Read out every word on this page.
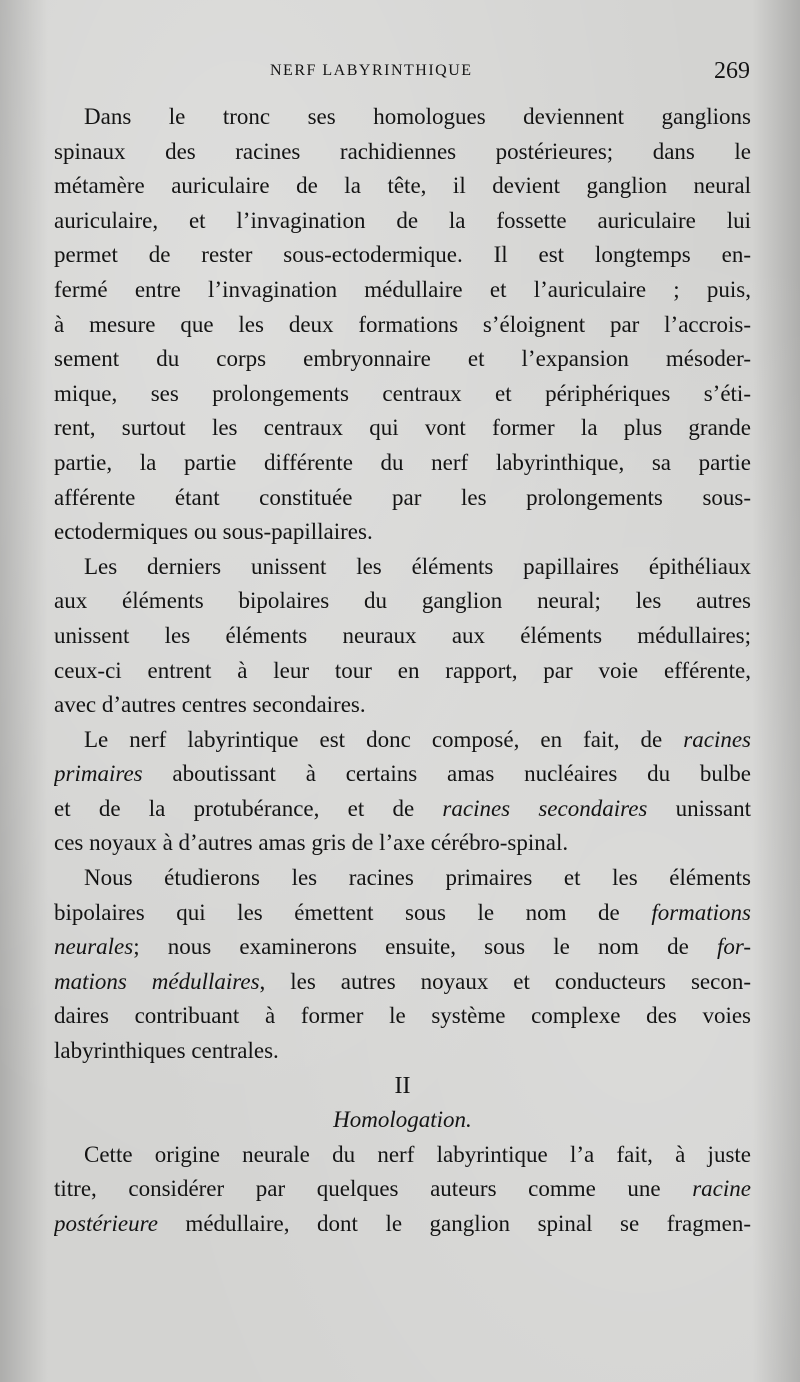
NERF LABYRINTHIQUE	269
Dans le tronc ses homologues deviennent ganglions
spinaux des racines rachidiennes postérieures; dans le
métamère auriculaire de la tête, il devient ganglion neural
auriculaire, et l’invagination de la fossette auriculaire lui
permet de rester sous-ectodermique. Il est longtemps en-
fermé entre l’invagination médullaire et l’auriculaire ; puis,
à mesure que les deux formations s’éloignent par l’accrois-
sement du corps embryonnaire et l’expansion mésoder-
mique, ses prolongements centraux et périphériques s’éti-
rent, surtout les centraux qui vont former la plus grande
partie, la partie différente du nerf labyrinthique, sa partie
afférente étant constituée par les prolongements sous-
ectodermiques ou sous-papillaires.
Les derniers unissent les éléments papillaires épithéliaux
aux éléments bipolaires du ganglion neural; les autres
unissent les éléments neuraux aux éléments médullaires;
ceux-ci entrent à leur tour en rapport, par voie efférente,
avec d’autres centres secondaires.
Le nerf labyrintique est donc composé, en fait, de racines
primaires aboutissant à certains amas nucléaires du bulbe
et de la protubérance, et de racines secondaires unissant
ces noyaux à d’autres amas gris de l’axe cérébro-spinal.
Nous étudierons les racines primaires et les éléments
bipolaires qui les émettent sous le nom de formations
neurales; nous examinerons ensuite, sous le nom de for-
mations médullaires, les autres noyaux et conducteurs secon-
daires contribuant à former le système complexe des voies
labyrinthiques centrales.
II
Homologation.
Cette origine neurale du nerf labyrintique l’a fait, à juste
titre, considérer par quelques auteurs comme une racine
postérieure médullaire, dont le ganglion spinal se fragmen-
